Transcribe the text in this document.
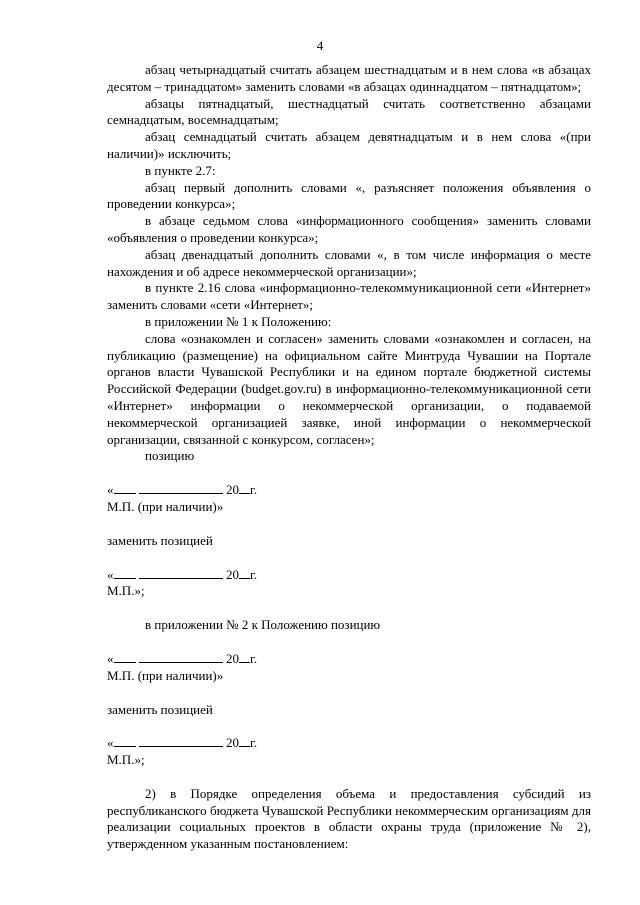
4

абзац четырнадцатый считать абзацем шестнадцатым и в нем слова «в абзацах десятом – тринадцатом» заменить словами «в абзацах одиннадцатом – пятнадцатом»;

абзацы пятнадцатый, шестнадцатый считать соответственно абзацами семнадцатым, восемнадцатым;

абзац семнадцатый считать абзацем девятнадцатым и в нем слова «(при наличии)» исключить;

в пункте 2.7:

абзац первый дополнить словами «, разъясняет положения объявления о проведении конкурса»;

в абзаце седьмом слова «информационного сообщения» заменить словами «объявления о проведении конкурса»;

абзац двенадцатый дополнить словами «, в том числе информация о месте нахождения и об адресе некоммерческой организации»;

в пункте 2.16 слова «информационно-телекоммуникационной сети «Интернет» заменить словами «сети «Интернет»;

в приложении № 1 к Положению:

слова «ознакомлен и согласен» заменить словами «ознакомлен и согласен, на публикацию (размещение) на официальном сайте Минтруда Чувашии на Портале органов власти Чувашской Республики и на едином портале бюджетной системы Российской Федерации (budget.gov.ru) в информационно-телекоммуникационной сети «Интернет» информации о некоммерческой организации, о подаваемой некоммерческой организацией заявке, иной информации о некоммерческой организации, связанной с конкурсом, согласен»;

позицию

«	20 г.

М.П. (при наличии)»

заменить позицией

«	20 г.

М.П.»;

в приложении № 2 к Положению позицию

«	20 г.

М.П. (при наличии)»

заменить позицией

«	20 г.

М.П.»;

2) в Порядке определения объема и предоставления субсидий из республиканского бюджета Чувашской Республики некоммерческим организациям для реализации социальных проектов в области охраны труда (приложение № 2), утвержденном указанным постановлением:
